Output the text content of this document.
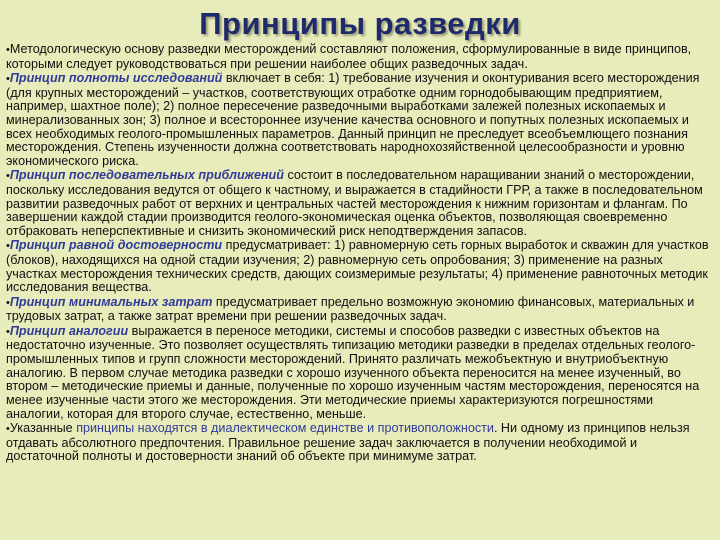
Принципы разведки

•Методологическую основу разведки месторождений составляют положения, сформулированные в виде принципов, которыми следует руководствоваться при решении наиболее общих разведочных задач.

•Принцип полноты исследований включает в себя: 1) требование изучения и оконтуривания всего месторождения (для крупных месторождений – участков, соответствующих отработке одним горнодобывающим предприятием, например, шахтное поле); 2) полное пересечение разведочными выработками залежей полезных ископаемых и минерализованных зон; 3) полное и всестороннее изучение качества основного и попутных полезных ископаемых и всех необходимых геолого-промышленных параметров. Данный принцип не преследует всеобъемлющего познания месторождения. Степень изученности должна соответствовать народнохозяйственной целесообразности и уровню экономического риска.

•Принцип последовательных приближений состоит в последовательном наращивании знаний о месторождении, поскольку исследования ведутся от общего к частному, и выражается в стадийности ГРР, а также в последовательном развитии разведочных работ от верхних и центральных частей месторождения к нижним горизонтам и флангам. По завершении каждой стадии производится геолого-экономическая оценка объектов, позволяющая своевременно отбраковать неперспективные и снизить экономический риск неподтверждения запасов.

•Принцип равной достоверности предусматривает: 1) равномерную сеть горных выработок и скважин для участков (блоков), находящихся на одной стадии изучения; 2) равномерную сеть опробования; 3) применение на разных участках месторождения технических средств, дающих соизмеримые результаты; 4) применение равноточных методик исследования вещества.

•Принцип минимальных затрат предусматривает предельно возможную экономию финансовых, материальных и трудовых затрат, а также затрат времени при решении разведочных задач.

•Принцип аналогии выражается в переносе методики, системы и способов разведки с известных объектов на недостаточно изученные. Это позволяет осуществлять типизацию методики разведки в пределах отдельных геолого-промышленных типов и групп сложности месторождений. Принято различать межобъектную и внутриобъектную аналогию. В первом случае методика разведки с хорошо изученного объекта переносится на менее изученный, во втором – методические приемы и данные, полученные по хорошо изученным частям месторождения, переносятся на менее изученные части этого же месторождения. Эти методические приемы характеризуются погрешностями аналогии, которая для второго случае, естественно, меньше.

•Указанные принципы находятся в диалектическом единстве и противоположности. Ни одному из принципов нельзя отдавать абсолютного предпочтения. Правильное решение задач заключается в получении необходимой и достаточной полноты и достоверности знаний об объекте при минимуме затрат.
